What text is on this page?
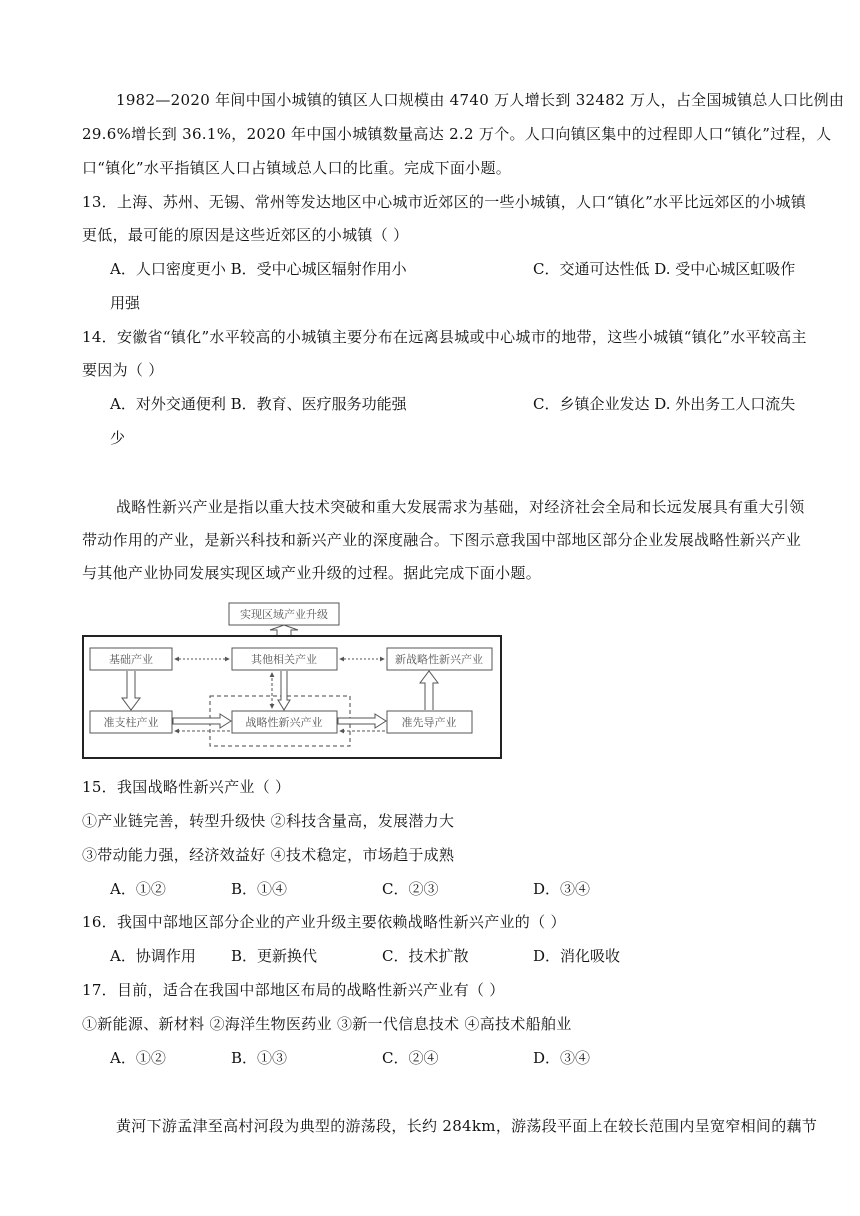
1982—2020 年间中国小城镇的镇区人口规模由 4740 万人增长到 32482 万人，占全国城镇总人口比例由
29.6%增长到 36.1%，2020 年中国小城镇数量高达 2.2 万个。人口向镇区集中的过程即人口“镇化”过程，人
口“镇化”水平指镇区人口占镇域总人口的比重。完成下面小题。
13．上海、苏州、无锡、常州等发达地区中心城市近郊区的一些小城镇，人口“镇化”水平比远郊区的小城镇
更低，最可能的原因是这些近郊区的小城镇（ ）
A．人口密度更小 B．受中心城区辐射作用小	C．交通可达性低 D. 受中心城区虹吸作
用强
14．安徽省“镇化”水平较高的小城镇主要分布在远离县城或中心城市的地带，这些小城镇“镇化”水平较高主
要因为（ ）
A．对外交通便利 B．教育、医疗服务功能强	C．乡镇企业发达 D. 外出务工人口流失
少
战略性新兴产业是指以重大技术突破和重大发展需求为基础，对经济社会全局和长远发展具有重大引领
带动作用的产业，是新兴科技和新兴产业的深度融合。下图示意我国中部地区部分企业发展战略性新兴产业
与其他产业协同发展实现区域产业升级的过程。据此完成下面小题。
实现区域产业升级
基础产业	其他相关产业	新战略性新兴产业
准支柱产业	战略性新兴产业	准先导产业
15．我国战略性新兴产业（ ）
①产业链完善，转型升级快 ②科技含量高，发展潜力大
③带动能力强，经济效益好 ④技术稳定，市场趋于成熟
A．①②	B．①④	C．②③	D．③④
16．我国中部地区部分企业的产业升级主要依赖战略性新兴产业的（ ）
A．协调作用 B．更新换代	C．技术扩散	D．消化吸收
17．目前，适合在我国中部地区布局的战略性新兴产业有（ ）
①新能源、新材料 ②海洋生物医药业 ③新一代信息技术 ④高技术船舶业
A．①②	B．①③	C．②④	D．③④
黄河下游孟津至高村河段为典型的游荡段，长约 284km，游荡段平面上在较长范围内呈宽窄相间的藕节
